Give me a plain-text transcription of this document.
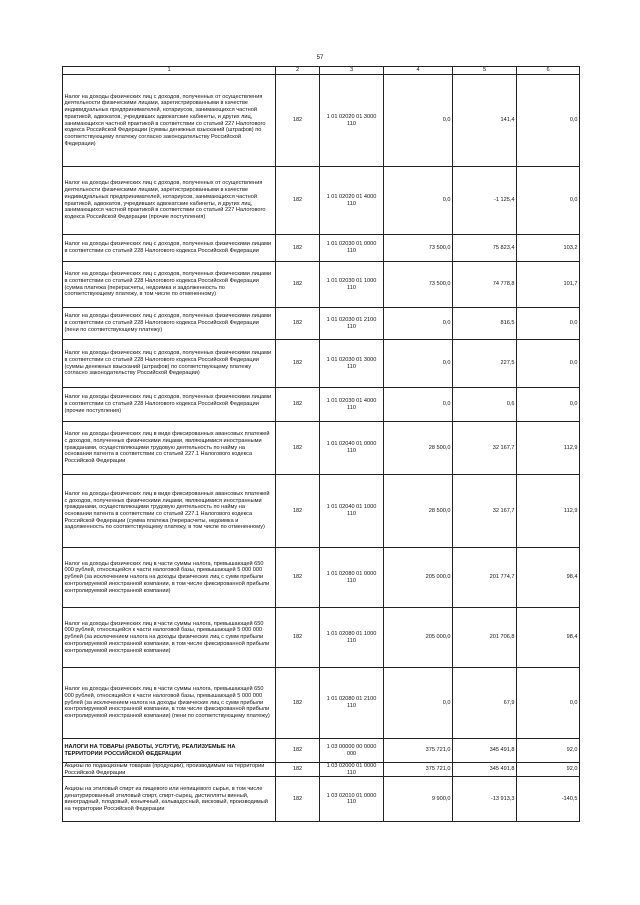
57
1	2	3	4	5	6
Налог на доходы физических лиц с доходов, полученных от осуществления деятельности физическими лицами, зарегистрированными в качестве индивидуальных предпринимателей, нотариусов, занимающихся частной практикой, адвокатов, учредивших адвокатские кабинеты, и других лиц, занимающихся частной практикой в соответствии со статьей 227 Налогового кодекса Российской Федерации (суммы денежных взысканий (штрафов) по соответствующему платежу согласно законодательству Российской Федерации)	182	1 01 02020 01 3000 110	0,0	141,4	0,0
Налог на доходы физических лиц с доходов, полученных от осуществления деятельности физическими лицами, зарегистрированными в качестве индивидуальных предпринимателей, нотариусов, занимающихся частной практикой, адвокатов, учредивших адвокатские кабинеты, и других лиц, занимающихся частной практикой в соответствии со статьей 227 Налогового кодекса Российской Федерации (прочие поступления)	182	1 01 02020 01 4000 110	0,0	-1 125,4	0,0
Налог на доходы физических лиц с доходов, полученных физическими лицами в соответствии со статьей 228 Налогового кодекса Российской Федерации	182	1 01 02030 01 0000 110	73 500,0	75 823,4	103,2
Налог на доходы физических лиц с доходов, полученных физическими лицами в соответствии со статьей 228 Налогового кодекса Российской Федерации (сумма платежа (перерасчеты, недоимка и задолженность по соответствующему платежу, в том числе по отмененному)	182	1 01 02030 01 1000 110	73 500,0	74 778,8	101,7
Налог на доходы физических лиц с доходов, полученных физическими лицами в соответствии со статьей 228 Налогового кодекса Российской Федерации (пени по соответствующему платежу)	182	1 01 02030 01 2100 110	0,0	816,5	0,0
Налог на доходы физических лиц с доходов, полученных физическими лицами в соответствии со статьей 228 Налогового кодекса Российской Федерации (суммы денежных взысканий (штрафов) по соответствующему платежу согласно законодательству Российской Федерации)	182	1 01 02030 01 3000 110	0,0	227,5	0,0
Налог на доходы физических лиц с доходов, полученных физическими лицами в соответствии со статьей 228 Налогового кодекса Российской Федерации (прочие поступления)	182	1 01 02030 01 4000 110	0,0	0,6	0,0
Налог на доходы физических лиц в виде фиксированных авансовых платежей с доходов, полученных физическими лицами, являющимися иностранными гражданами, осуществляющими трудовую деятельность по найму на основании патента в соответствии со статьей 227.1 Налогового кодекса Российской Федерации	182	1 01 02040 01 0000 110	28 500,0	32 167,7	112,9
Налог на доходы физических лиц в виде фиксированных авансовых платежей с доходов, полученных физическими лицами, являющимися иностранными гражданами, осуществляющими трудовую деятельность по найму на основании патента в соответствии со статьей 227.1 Налогового кодекса Российской Федерации (сумма платежа (перерасчеты, недоимка и задолженность по соответствующему платежу, в том числе по отмененному)	182	1 01 02040 01 1000 110	28 500,0	32 167,7	112,9
Налог на доходы физических лиц в части суммы налога, превышающей 650 000 рублей, относящейся к части налоговой базы, превышающей 5 000 000 рублей (за исключением налога на доходы физических лиц с сумм прибыли контролируемой иностранной компании, в том числе фиксированной прибыли контролируемой иностранной компании)	182	1 01 02080 01 0000 110	205 000,0	201 774,7	98,4
Налог на доходы физических лиц в части суммы налога, превышающей 650 000 рублей, относящейся к части налоговой базы, превышающей 5 000 000 рублей (за исключением налога на доходы физических лиц с сумм прибыли контролируемой иностранной компании, в том числе фиксированной прибыли контролируемой иностранной компании)	182	1 01 02080 01 1000 110	205 000,0	201 706,8	98,4
Налог на доходы физических лиц в части суммы налога, превышающей 650 000 рублей, относящейся к части налоговой базы, превышающей 5 000 000 рублей (за исключением налога на доходы физических лиц с сумм прибыли контролируемой иностранной компании, в том числе фиксированной прибыли контролируемой иностранной компании) (пени по соответствующему платежу)	182	1 01 02080 01 2100 110	0,0	67,9	0,0
НАЛОГИ НА ТОВАРЫ (РАБОТЫ, УСЛУГИ), РЕАЛИЗУЕМЫЕ НА ТЕРРИТОРИИ РОССИЙСКОЙ ФЕДЕРАЦИИ	182	1 03 00000 00 0000 000	375 721,0	345 491,8	92,0
Акцизы по подакцизным товарам (продукции), производимым на территории Российской Федерации	182	1 03 02000 01 0000 110	375 721,0	345 491,8	92,0
Акцизы на этиловый спирт из пищевого или непищевого сырья, в том числе денатурированный этиловый спирт, спирт-сырец, дистилляты винный, виноградный, плодовый, коньячный, кальвадосный, висковый, производимый на территории Российской Федерации	182	1 03 02010 01 0000 110	9 900,0	-13 913,3	-140,5
